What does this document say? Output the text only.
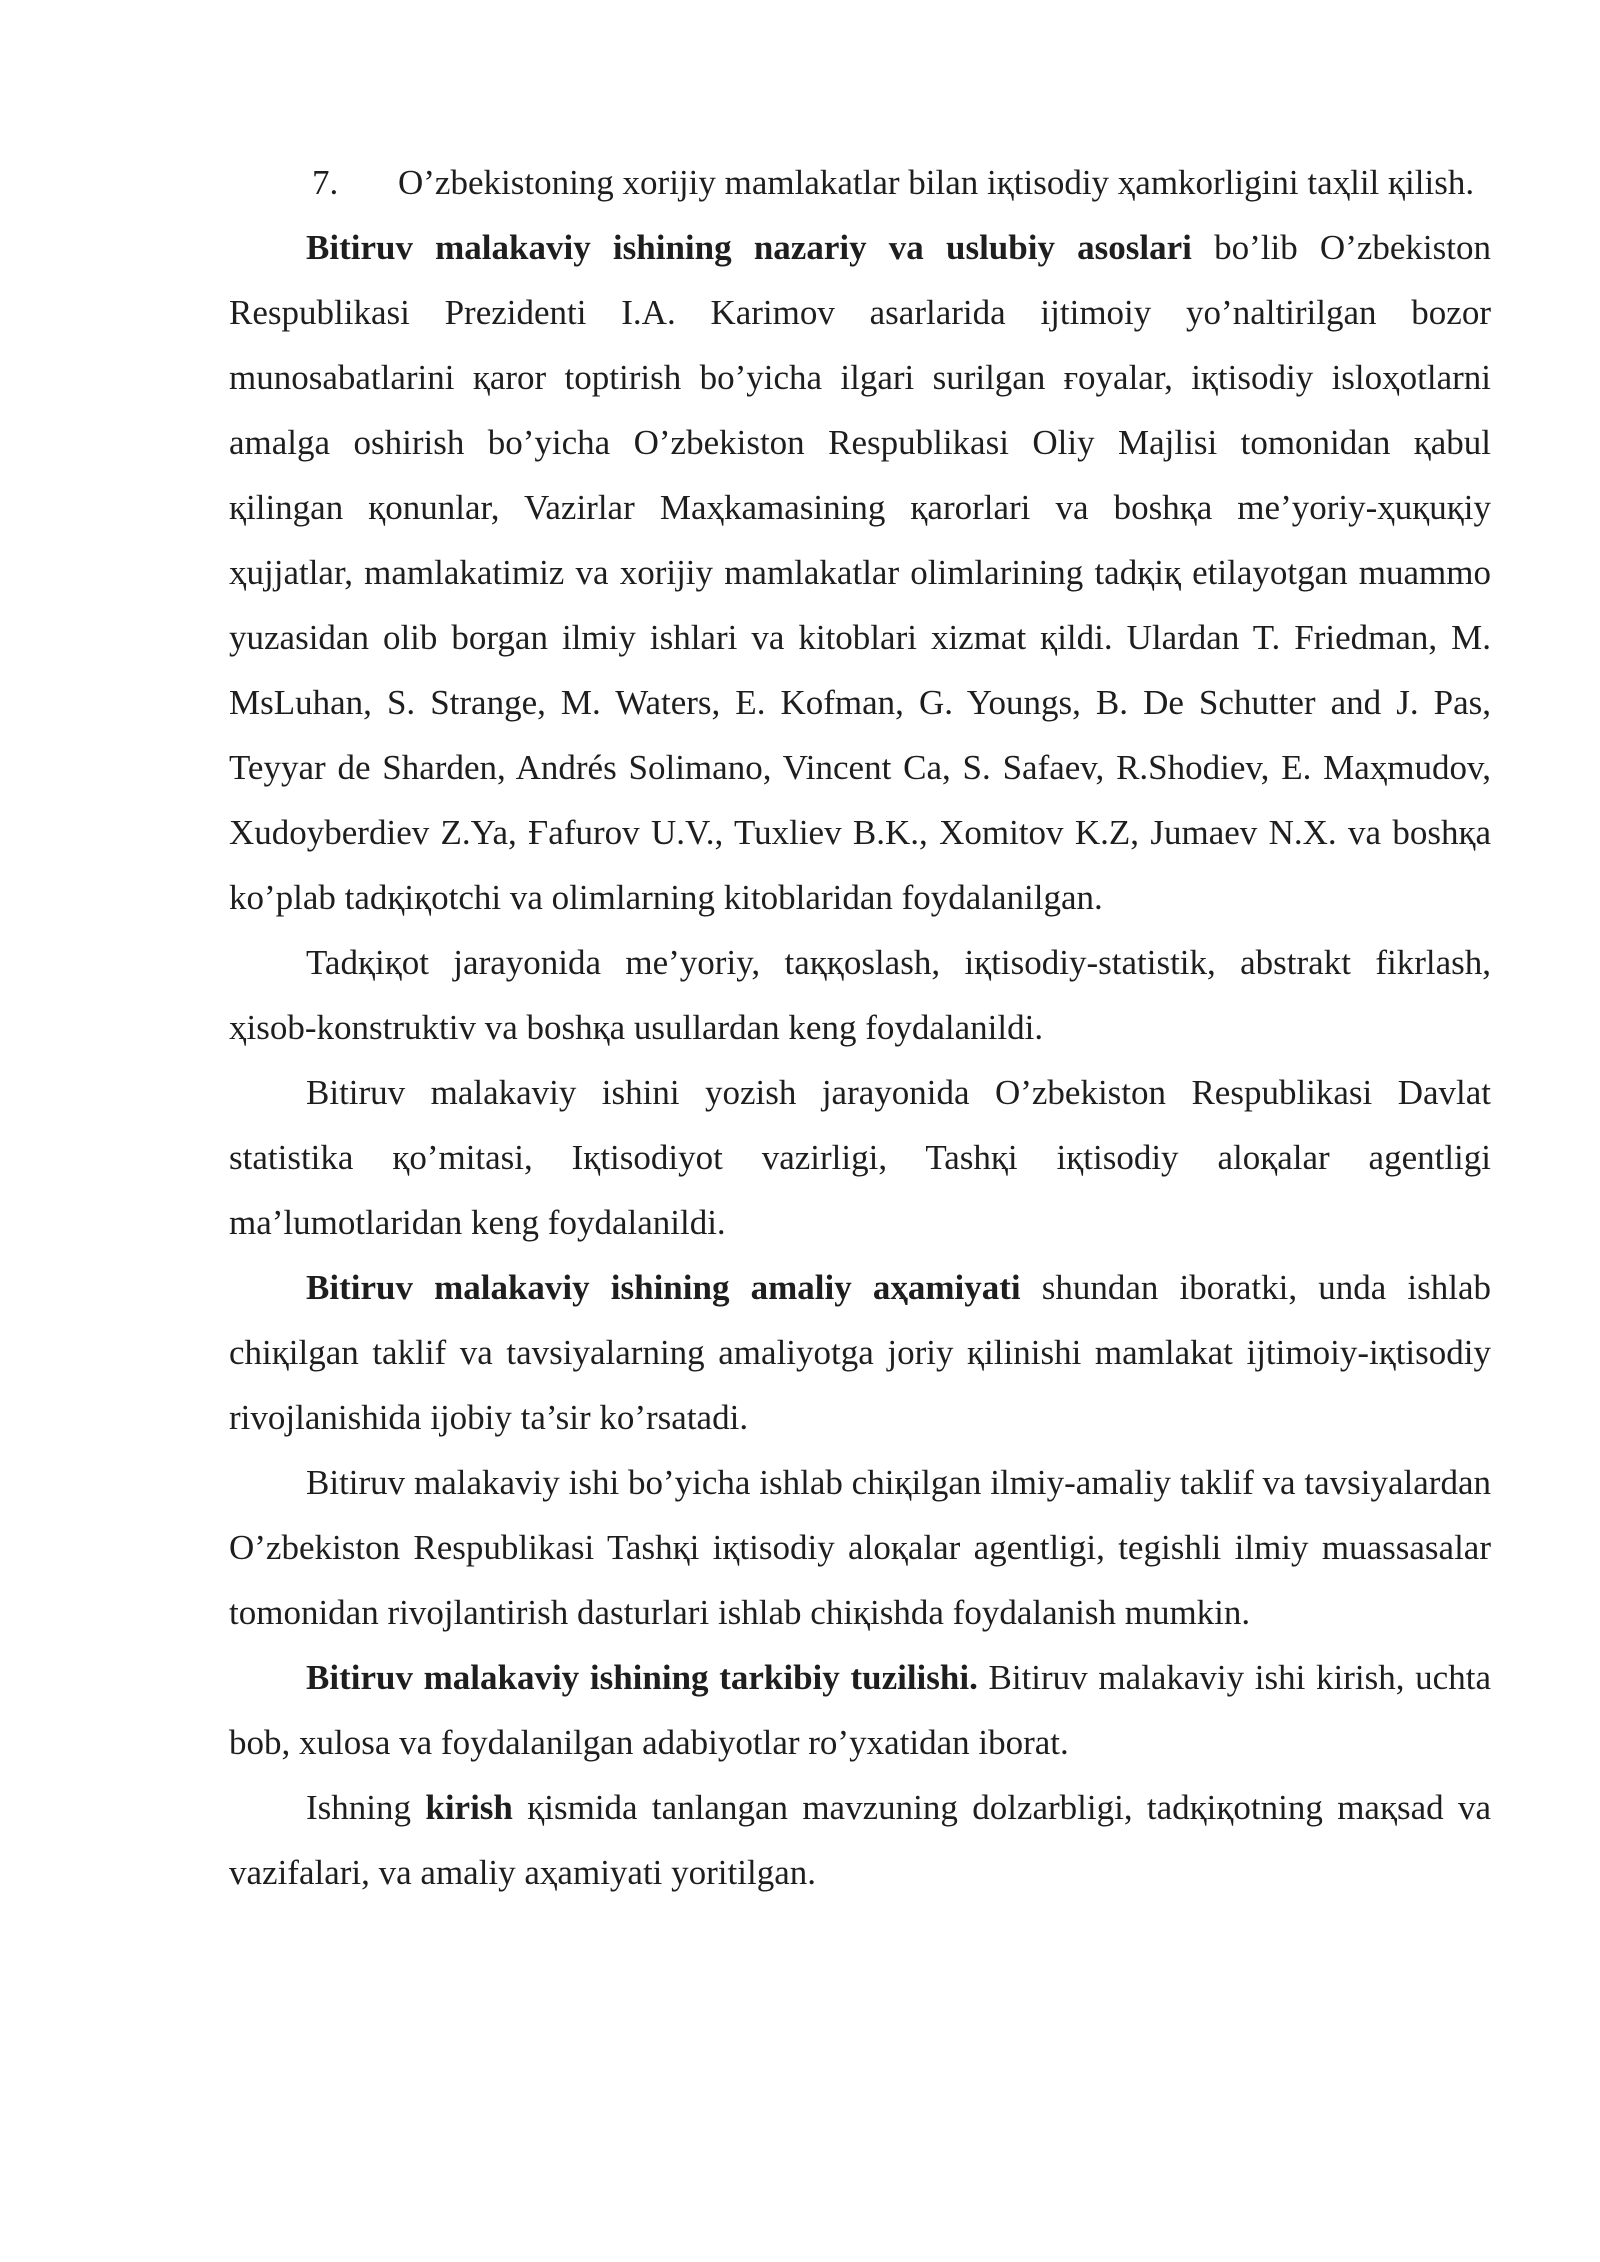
7. O’zbekistoning xorijiy mamlakatlar bilan iқtisodiy ҳamkorligini taҳlil қilish.

Bitiruv malakaviy ishining nazariy va uslubiy asoslari bo’lib O’zbekiston Respublikasi Prezidenti I.A. Karimov asarlarida ijtimoiy yo’naltirilgan bozor munosabatlarini қaror toptirish bo’yicha ilgari surilgan ғoyalar, iқtisodiy isloҳotlarni amalga oshirish bo’yicha O’zbekiston Respublikasi Oliy Majlisi tomonidan қabul қilingan қonunlar, Vazirlar Maҳkamasining қarorlari va boshқa me’yoriy-ҳuқuқiy ҳujjatlar, mamlakatimiz va xorijiy mamlakatlar olimlarining tadқiқ etilayotgan muammo yuzasidan olib borgan ilmiy ishlari va kitoblari xizmat қildi. Ulardan T. Friedman, M. MsLuhan, S. Strange, M. Waters, E. Kofman, G. Youngs, B. De Schutter and J. Pas, Teyyar de Sharden, Andrés Solimano, Vincent Ca, S. Safaev, R.Shodiev, E. Maҳmudov, Xudoyberdiev Z.Ya, Ғafurov U.V., Tuxliev B.K., Xomitov K.Z, Jumaev N.X. va boshқa ko’plab tadқiқotchi va olimlarning kitoblaridan foydalanilgan.

Tadқiқot jarayonida me’yoriy, taққoslash, iқtisodiy-statistik, abstrakt fikrlash, ҳisob-konstruktiv va boshқa usullardan keng foydalanildi.

Bitiruv malakaviy ishini yozish jarayonida O’zbekiston Respublikasi Davlat statistika қo’mitasi, Iқtisodiyot vazirligi, Tashқi iқtisodiy aloқalar agentligi ma’lumotlaridan keng foydalanildi.

Bitiruv malakaviy ishining amaliy aҳamiyati shundan iboratki, unda ishlab chiқilgan taklif va tavsiyalarning amaliyotga joriy қilinishi mamlakat ijtimoiy-iқtisodiy rivojlanishida ijobiy ta’sir ko’rsatadi.

Bitiruv malakaviy ishi bo’yicha ishlab chiқilgan ilmiy-amaliy taklif va tavsiyalardan O’zbekiston Respublikasi Tashқi iқtisodiy aloқalar agentligi, tegishli ilmiy muassasalar tomonidan rivojlantirish dasturlari ishlab chiқishda foydalanish mumkin.

Bitiruv malakaviy ishining tarkibiy tuzilishi. Bitiruv malakaviy ishi kirish, uchta bob, xulosa va foydalanilgan adabiyotlar ro’yxatidan iborat.

Ishning kirish қismida tanlangan mavzuning dolzarbligi, tadқiқotning maқsad va vazifalari, va amaliy aҳamiyati yoritilgan.
